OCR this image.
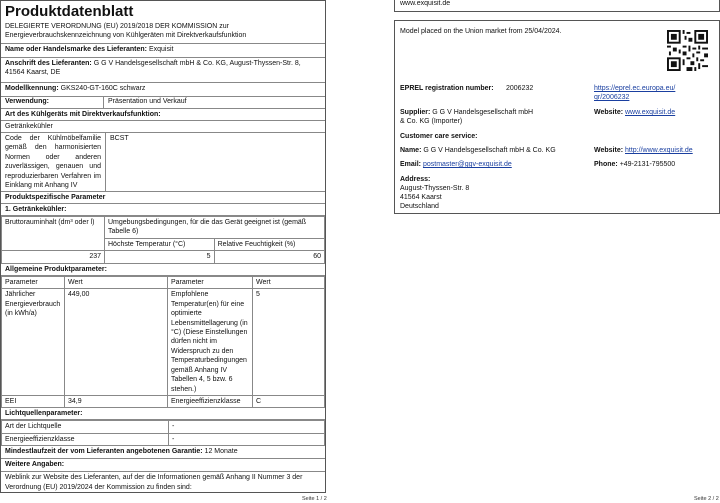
Produktdatenblatt
DELEGIERTE VERORDNUNG (EU) 2019/2018 DER KOMMISSION zur Energieverbrauchskennzeichnung von Kühlgeräten mit Direktverkaufsfunktion
Name oder Handelsmarke des Lieferanten: Exquisit
Anschrift des Lieferanten: G G V Handelsgesellschaft mbH & Co. KG, August-Thyssen-Str. 8, 41564 Kaarst, DE
Modellkennung: GKS240-GT-160C schwarz
Verwendung:	Präsentation und Verkauf
Art des Kühlgeräts mit Direktverkaufsfunktion:
Getränkekühler
Code der Kühlmöbelfamilie gemäß den harmonisierten Normen oder anderen zuverlässigen, genauen und reproduzierbaren Verfahren im Einklang mit Anhang IV
BCST
Produktspezifische Parameter
1. Getränkekühler:
Bruttorauminhalt (dm³ oder l)	Umgebungsbedingungen, für die das Gerät geeignet ist (gemäß Tabelle 6)	
	Höchste Temperatur (°C)	Relative Feuchtigkeit (%)
237	5	60
Allgemeine Produktparameter:
Parameter	Wert	Parameter	Wert
Jährlicher Energieverbrauch (in kWh/a)	449,00	Empfohlene Temperatur(en) für eine optimierte Lebensmittellagerung (in °C) (Diese Einstellungen dürfen nicht im Widerspruch zu den Temperaturbedingungen gemäß Anhang IV Tabellen 4, 5 bzw. 6 stehen.)	5
EEI	34,9	Energieeffizienzklasse	C
Lichtquellenparameter:
Art der Lichtquelle	-
Energieeffizienzklasse	-
Mindestlaufzeit der vom Lieferanten angebotenen Garantie: 12 Monate
Weitere Angaben:
Weblink zur Website des Lieferanten, auf der die Informationen gemäß Anhang II Nummer 3 der Verordnung (EU) 2019/2024 der Kommission zu finden sind:
Seite 1 / 2
www.exquisit.de
Model placed on the Union market from 25/04/2024.
EPREL registration number: 2006232	https://eprel.ec.europa.eu/qr/2006232
Supplier: G G V Handelsgesellschaft mbH & Co. KG (Importer)
Website: www.exquisit.de
Customer care service:
Name: G G V Handelsgesellschaft mbH & Co. KG	Website: http://www.exquisit.de
Email: postmaster@ggv-exquisit.de	Phone: +49-2131-795500
Address:
August-Thyssen-Str. 8
41564 Kaarst
Deutschland
Seite 2 / 2
